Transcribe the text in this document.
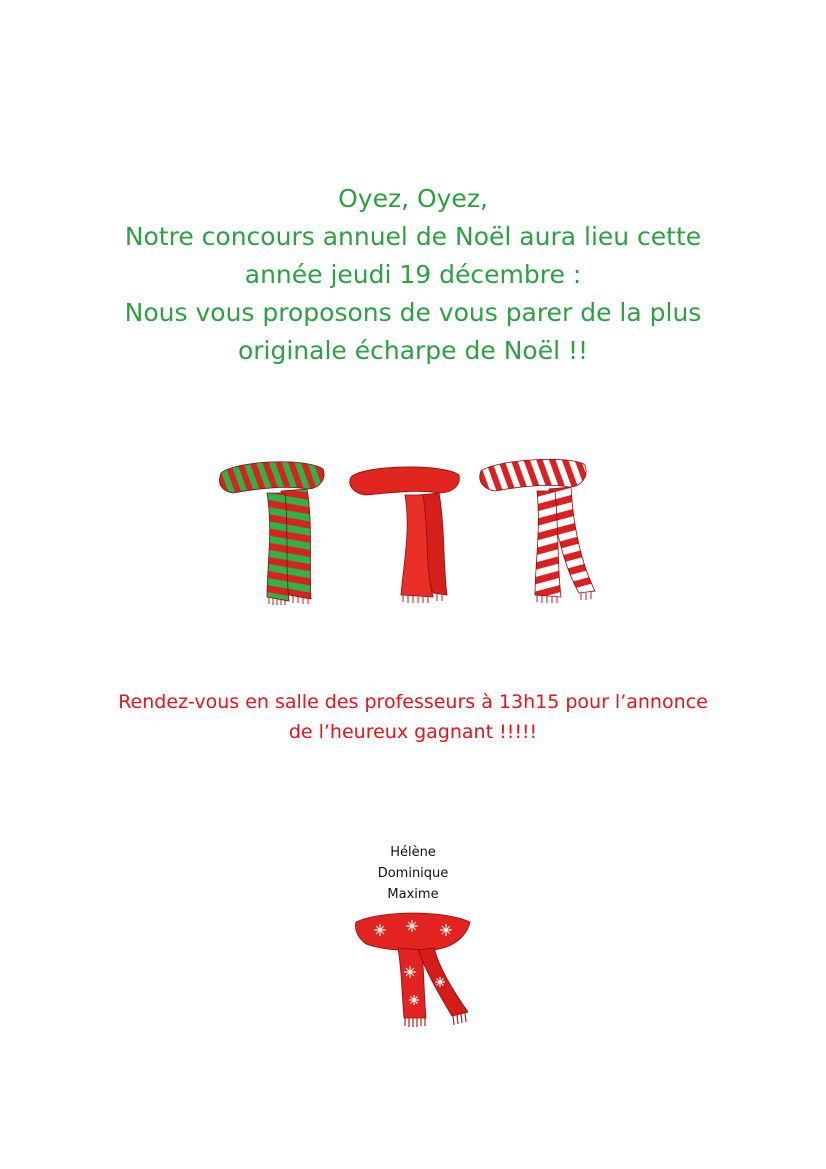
Oyez, Oyez,
Notre concours annuel de Noël aura lieu cette
année jeudi 19 décembre :
Nous vous proposons de vous parer de la plus
originale écharpe de Noël !!

Rendez-vous en salle des professeurs à 13h15 pour l’annonce
de l’heureux gagnant !!!!!

Hélène
Dominique
Maxime
